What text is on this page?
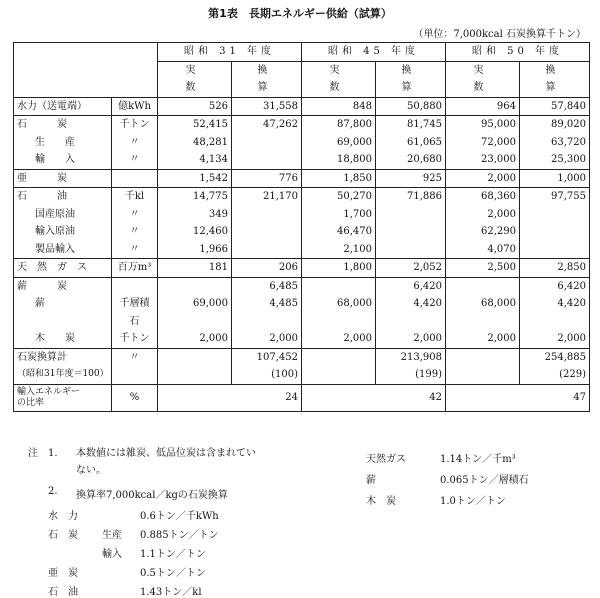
第1表　長期エネルギー供給（試算）
（単位：7,000kcal 石炭換算千トン）
		昭和 31 年度		昭和 45 年度		昭和 50 年度	
		実　　数	換　　算	実　　数	換　　算	実　　数	換　　算
水力（送電端）	億kWh	526	31,558	848	50,880	964	57,840
石　　　炭	千トン	52,415	47,262	87,800	81,745	95,000	89,020

生　　産	〃	48,281		69,000	61,065	72,000	63,720

輸　　入	〃	4,134		18,800	20,680	23,000	25,300
亜　　　炭		1,542	776	1,850	925	2,000	1,000
石　　　油	千kl	14,775	21,170	50,270	71,886	68,360	97,755

国産原油	〃	349		1,700		2,000	

輸入原油	〃	12,460		46,470		62,290	

製品輸入	〃	1,966		2,100		4,070	
天　然　ガ　ス	百万m³	181	206	1,800	2,052	2,500	2,850
薪　　　炭			6,485		6,420		6,420

薪	千層積石	69,000	4,485	68,000	4,420	68,000	4,420

木　　炭	千トン	2,000	2,000	2,000	2,000	2,000	2,000
石炭換算計	〃		107,452		213,908		254,885
（昭和31年度＝100）			(100)		(199)		(229)
輸入エネルギー
の比率	%	24		42		47	
注　1. 本数値には雑炭、低品位炭は含まれてい
ない。
2. 換算率7,000kcal／kgの石炭換算
水　力	0.6トン／千kWh
石　炭 生産 0.885トン／トン
輸入 1.1トン／トン
亜　炭	0.5トン／トン
石　油	1.43トン／kl
天然ガス	1.14トン／千m³
薪	0.065トン／層積石
木　炭	1.0トン／トン
